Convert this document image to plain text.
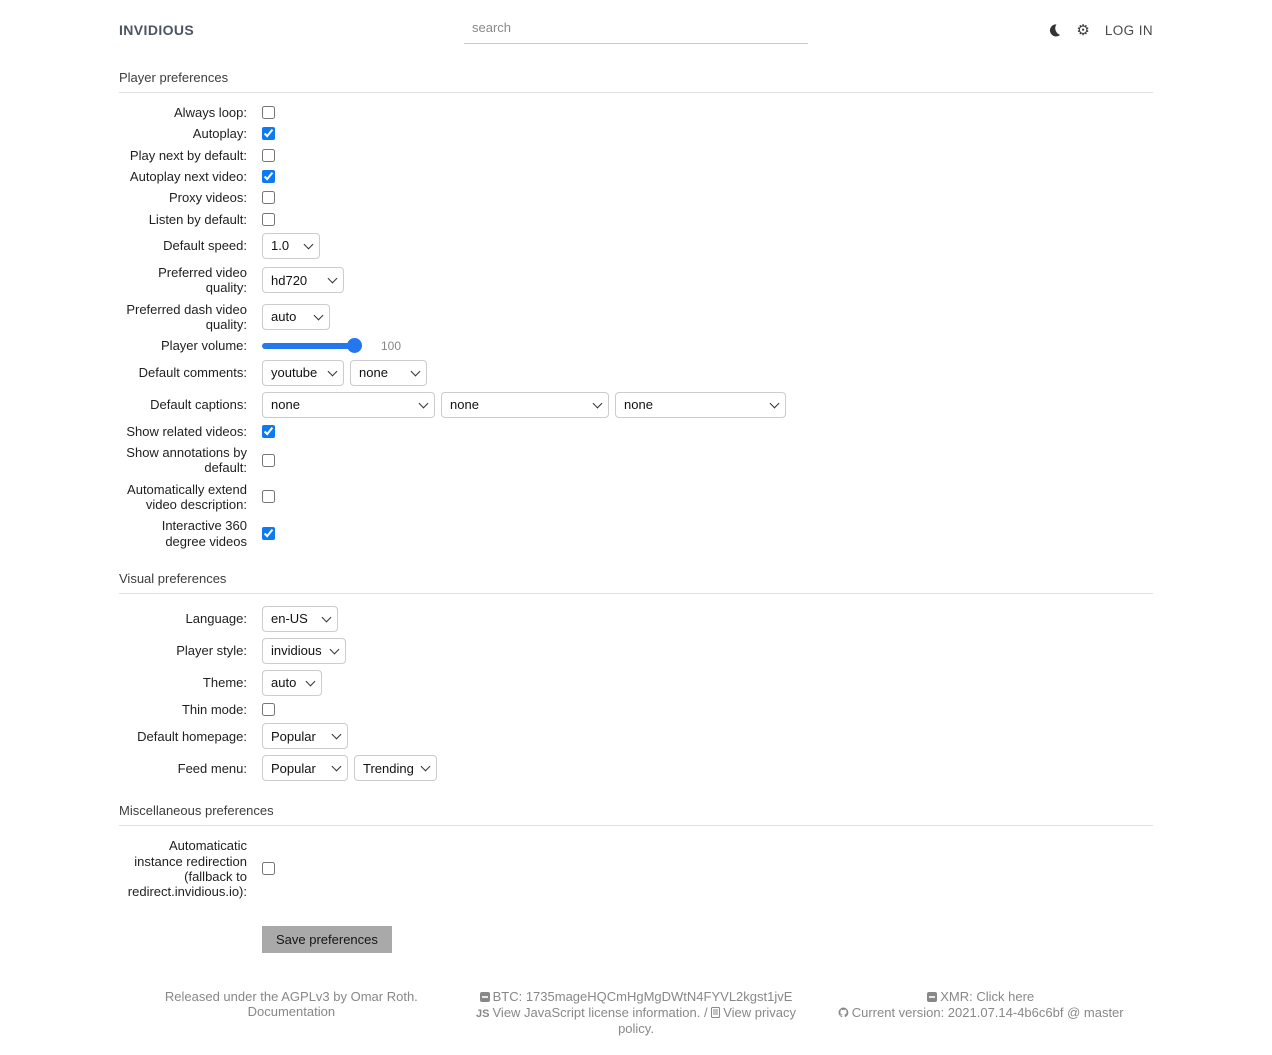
INVIDIOUS
search	⚙ LOG IN
Player preferences
Always loop:
Autoplay:
Play next by default:
Autoplay next video:
Proxy videos:
Listen by default:
Default speed:
1.0
Preferred video quality:
hd720
Preferred dash video quality:
auto
Player volume:	100
Default comments:
youtube
none
Default captions:
none
none
none
Show related videos:
Show annotations by default:
Automatically extend video description:
Interactive 360 degree videos
Visual preferences
Language:
en-US
Player style:
invidious
Theme:
auto
Thin mode:
Default homepage:
Popular
Feed menu:
Popular
Trending
Miscellaneous preferences
Automaticatic instance redirection (fallback to redirect.invidious.io):
Save preferences
Released under the AGPLv3 by Omar Roth.
Documentation
BTC: 1735mageHQCmHgMgDWtN4FYVL2kgst1jvE
JS View JavaScript license information. / View privacy policy.
XMR: Click here
Current version: 2021.07.14-4b6c6bf @ master
